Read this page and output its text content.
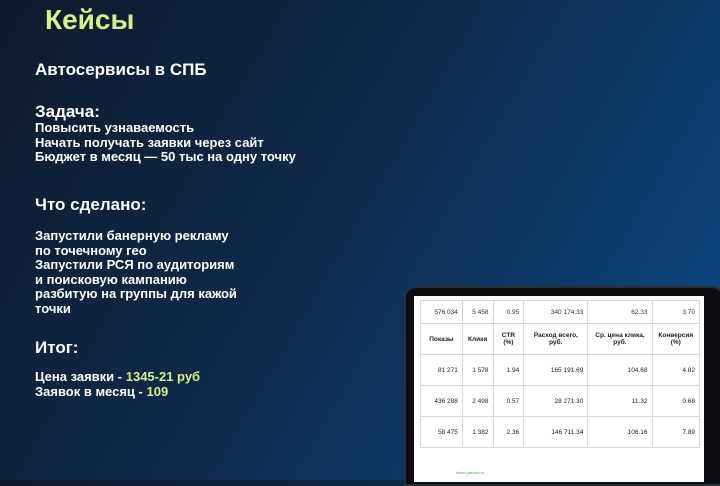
Кейсы
Автосервисы в СПБ
Задача:
Повысить узнаваемость
Начать получать заявки через сайт
Бюджет в месяц — 50 тыс на одну точку
Что сделано:
Запустили банерную рекламу
по точечному гео
Запустили РСЯ по аудиториям
и поисковую кампанию
разбитую на группы для кажой
точки
Итог:
Цена заявки - 1345-21 руб
Заявок в месяц - 109
576 034	5 458	0.95	340 174.33	62.33	3.70
Показы	Клики	CTR (%)	Расход всего, руб.	Ср. цена клика, руб.	Конверсия (%)
81 271	1 578	1.94	165 191.69	104.68	4.82
436 288	2 498	0.57	28 271.30	11.32	0.68
58 475	1 382	2.36	146 711.34	106.16	7.89
direct.yandex.ru
